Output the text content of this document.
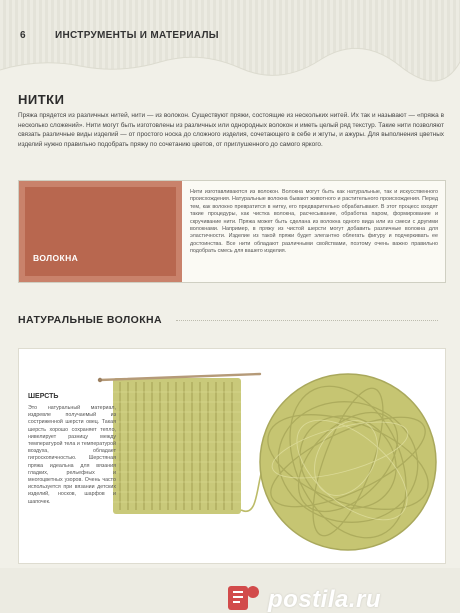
6	ИНСТРУМЕНТЫ И МАТЕРИАЛЫ
НИТКИ
Пряжа прядется из различных нитей, нити — из волокон. Существуют пряжи, состоящие из нескольких нитей. Их так и называют — «пряжа в несколько сложений». Нити могут быть изготовлены из различных или однородных волокон и иметь целый ряд текстур. Такие нити позволяют связать различные виды изделий — от простого носка до сложного изделия, сочетающего в себе и жгуты, и ажуры. Для выполнения цветных изделий нужно правильно подобрать пряжу по сочетанию цветов, от приглушенного до самого яркого.
ВОЛОКНА
Нити изготавливаются из волокон. Волокна могут быть как натуральные, так и искусственного происхождения. Натуральные волокна бывают животного и растительного происхождения. Перед тем, как волокно превратится в нитку, его предварительно обрабатывают. В этот процесс входят такие процедуры, как чистка волокна, расчесывание, обработка паром, формирование и скручивание нити. Пряжа может быть сделана из волокна одного вида или из смеси с другими волокнами. Например, в пряжу из чистой шерсти могут добавить различные волокна для эластичности. Изделие из такой пряжи будет элегантно облегать фигуру и подчеркивать ее достоинства. Все нити обладают различными свойствами, поэтому очень важно правильно подобрать смесь для вашего изделия.
НАТУРАЛЬНЫЕ ВОЛОКНА
ШЕРСТЬ
Это натуральный материал, издревле получаемый из состриженной шерсти овец. Такая шерсть хорошо сохраняет тепло, нивелирует разницу между температурой тела и температурой воздуха, обладает гигроскопичностью. Шерстяная пряжа идеальна для вязания гладких, рельефных и многоцветных узоров. Очень часто используется при вязании детских изделий, носков, шарфов и шапочек.
postila.ru
